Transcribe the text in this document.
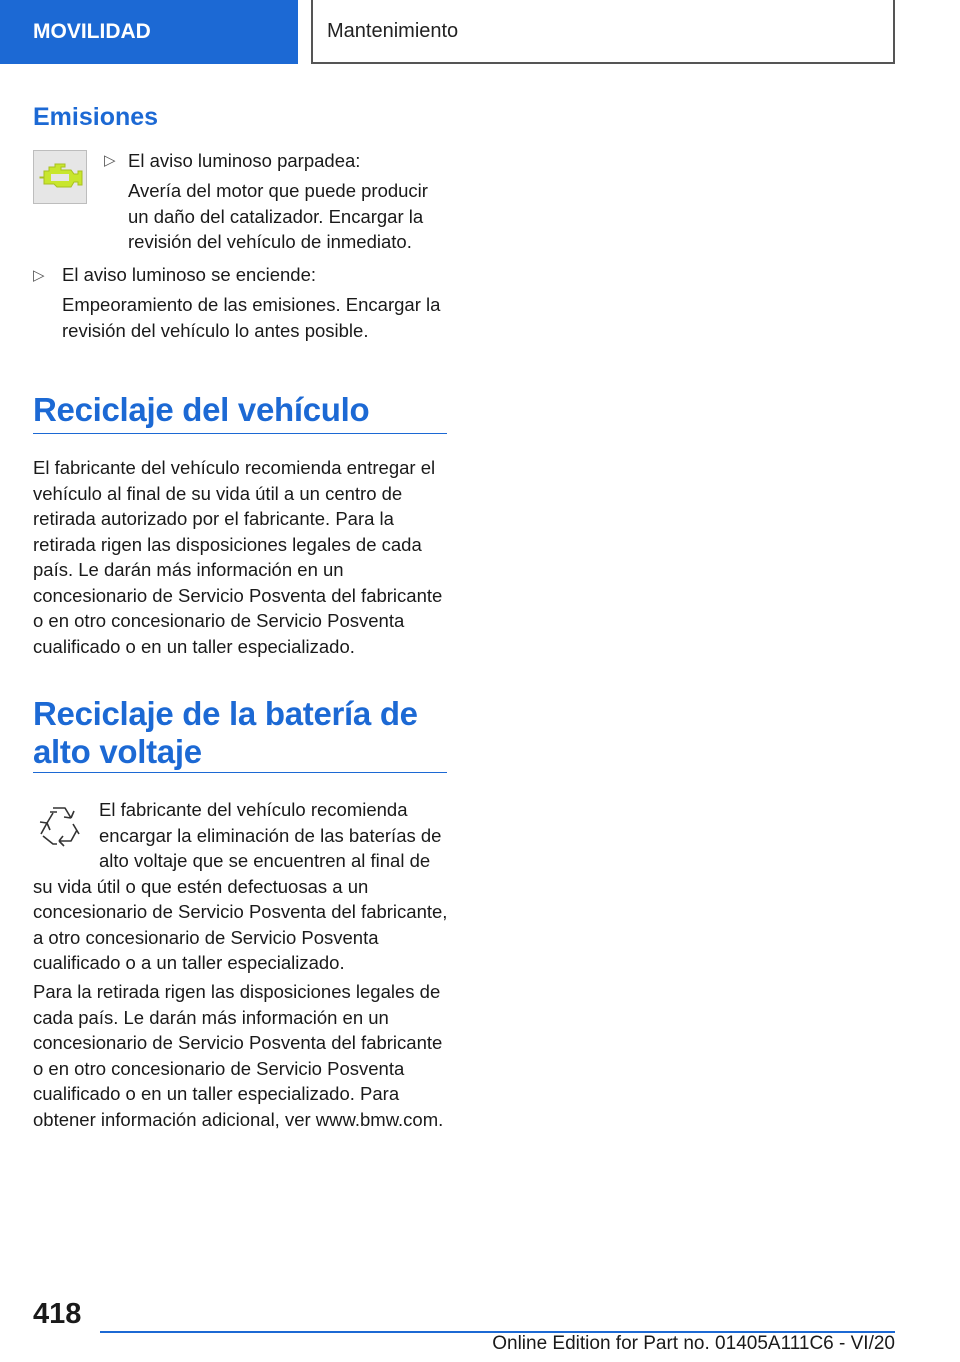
MOVILIDAD	Mantenimiento
Emisiones
▷ El aviso luminoso parpadea:

Avería del motor que puede producir un daño del catalizador. Encargar la revisión del vehículo de inmediato.

▷ El aviso luminoso se enciende:

Empeoramiento de las emisiones. Encargar la revisión del vehículo lo antes posible.

Reciclaje del vehículo

El fabricante del vehículo recomienda entregar el vehículo al final de su vida útil a un centro de retirada autorizado por el fabricante. Para la retirada rigen las disposiciones legales de cada país. Le darán más información en un concesionario de Servicio Posventa del fabricante o en otro concesionario de Servicio Posventa cualificado o en un taller especializado.

Reciclaje de la batería de alto voltaje
El fabricante del vehículo recomienda encargar la eliminación de las baterías de alto voltaje que se encuentren al final de su vida útil o que estén defectuosas a un concesionario de Servicio Posventa del fabricante, a otro concesionario de Servicio Posventa cualificado o a un taller especializado.

Para la retirada rigen las disposiciones legales de cada país. Le darán más información en un concesionario de Servicio Posventa del fabricante o en otro concesionario de Servicio Posventa cualificado o en un taller especializado. Para obtener información adicional, ver www.bmw.com.

418
Online Edition for Part no. 01405A111C6 - VI/20
